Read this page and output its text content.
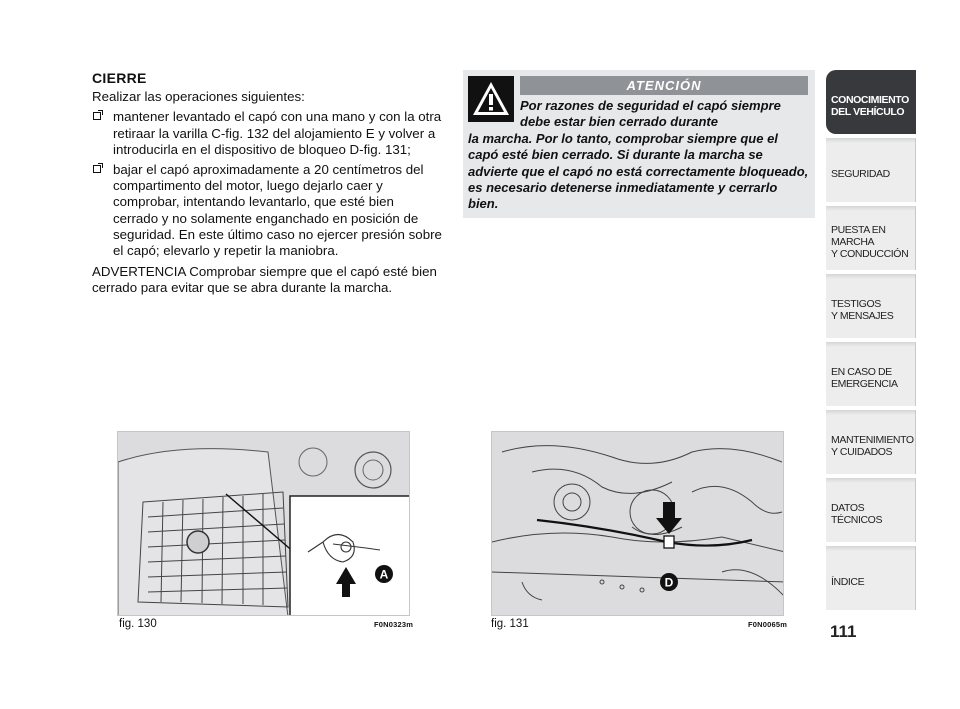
CIERRE
Realizar las operaciones siguientes:
mantener levantado el capó con una mano y con la otra retiraar la varilla C-fig. 132 del alojamiento E y volver a introducirla en el dispositivo de bloqueo D-fig. 131;
bajar el capó aproximadamente a 20 centímetros del compartimento del motor, luego dejarlo caer y comprobar, intentando levantarlo, que esté bien cerrado y no solamente enganchado en posición de seguridad. En este último caso no ejercer presión sobre el capó; elevarlo y repetir la maniobra.
ADVERTENCIA Comprobar siempre que el capó esté bien cerrado para evitar que se abra durante la marcha.
ATENCIÓN
Por razones de seguridad el capó siempre debe estar bien cerrado durante
la marcha. Por lo tanto, comprobar siempre que el capó esté bien cerrado. Si durante la marcha se advierte que el capó no está correctamente bloqueado, es necesario detenerse inmediatamente y cerrarlo bien.
A
fig. 130	F0N0323m
D
fig. 131	F0N0065m
CONOCIMIENTO
DEL VEHÍCULO
SEGURIDAD
PUESTA EN
MARCHA
Y CONDUCCIÓN
TESTIGOS
Y MENSAJES
EN CASO DE
EMERGENCIA
MANTENIMIENTO
Y CUIDADOS
DATOS
TÉCNICOS
ÍNDICE
111
